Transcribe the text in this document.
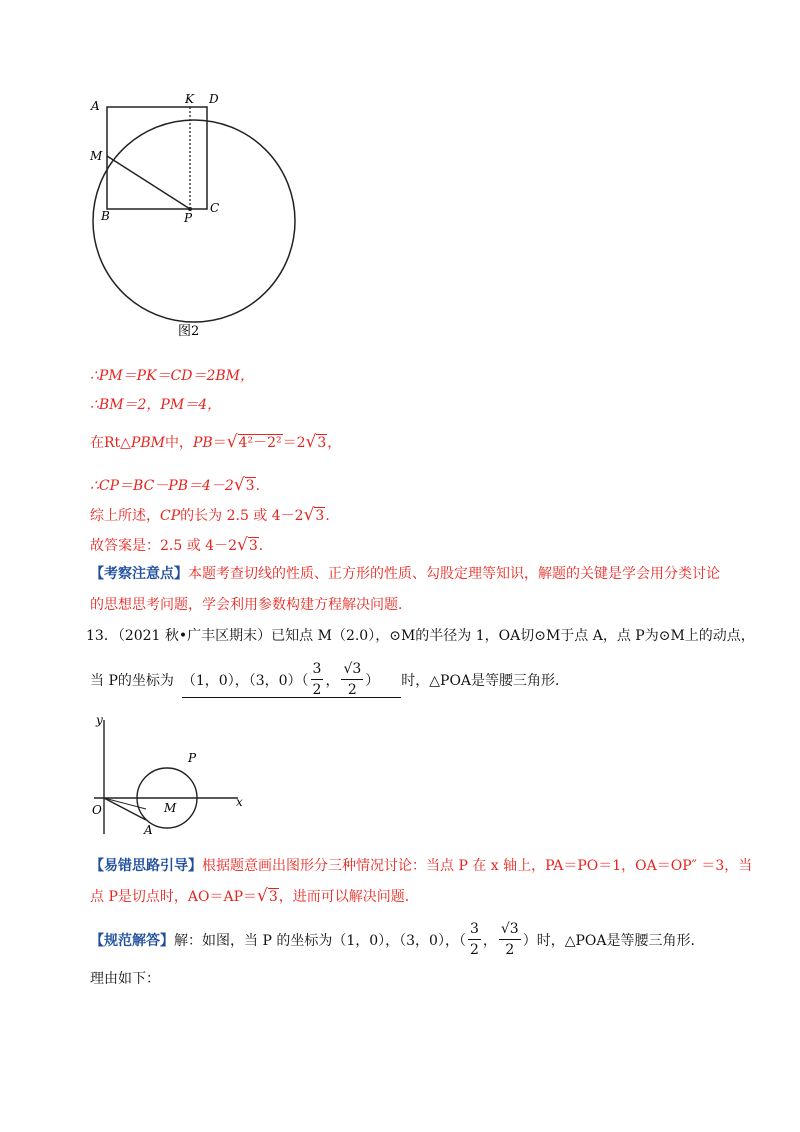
A	K D
M
B	P
C
图2
∴PM＝PK＝CD＝2BM，
∴BM＝2，PM＝4，
在Rt△PBM中，PB＝√4²－2²＝2√3，
∴CP＝BC－PB＝4－2√3．
综上所述，CP的长为 2.5 或 4－2√3．
故答案是：2.5 或 4－2√3．
【考察注意点】本题考查切线的性质、正方形的性质、勾股定理等知识，解题的关键是学会用分类讨论
的思想思考问题，学会利用参数构建方程解决问题．
13．（2021 秋•广丰区期末）已知点 M（2.0），⊙M的半径为 1，OA切⊙M于点 A，点 P为⊙M上的动点，
当 P的坐标为 （1，0），（3，$0)( \frac{3}{2}$ ， $\frac{√3}{2}$ ） 时，△POA是等腰三角形．
y
x
O	M
A
P
【易错思路引导】根据题意画出图形分三种情况讨论：当点 P 在 x 轴上，PA＝PO＝1，OA＝OP″ ＝3，当
点 P是切点时，AO＝AP＝√3，进而可以解决问题．
【规范解答】 解：如图，当 P 的坐标为（1，0），（3，0），（ $\frac{3}{2}$ ， $\frac{√3}{2}$ ）时，△POA是等腰三角形．
理由如下：
